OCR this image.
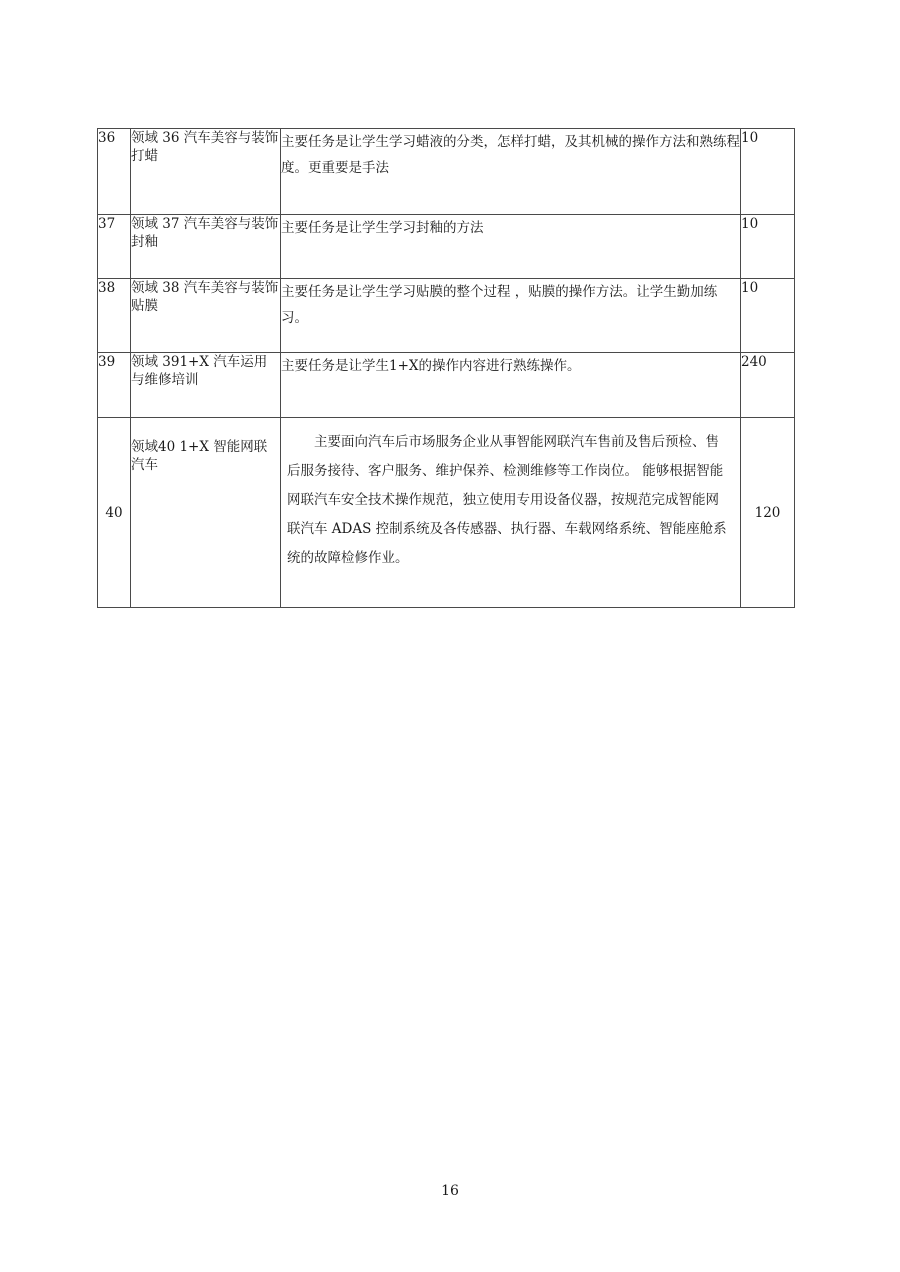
36	领域 36 汽车美容与装饰打蜡	主要任务是让学生学习蜡液的分类，怎样打蜡，及其机械的操作方法和熟练程度。更重要是手法	10
37	领域 37 汽车美容与装饰 封釉	主要任务是让学生学习封釉的方法	10
38	领域 38 汽车美容与装饰 贴膜	主要任务是让学生学习贴膜的整个过程 ，贴膜的操作方法。让学生勤加练习。	10
39	领域 391+X 汽车运用与维修培训	主要任务是让学生1+X的操作内容进行熟练操作。	240
40	领域40 1+X 智能网联汽车	主要面向汽车后市场服务企业从事智能网联汽车售前及售后预检、售后服务接待、客户服务、维护保养、检测维修等工作岗位。 能够根据智能网联汽车安全技术操作规范，独立使用专用设备仪器，按规范完成智能网联汽车 ADAS 控制系统及各传感器、执行器、车载网络系统、智能座舱系统的故障检修作业。	120
16
